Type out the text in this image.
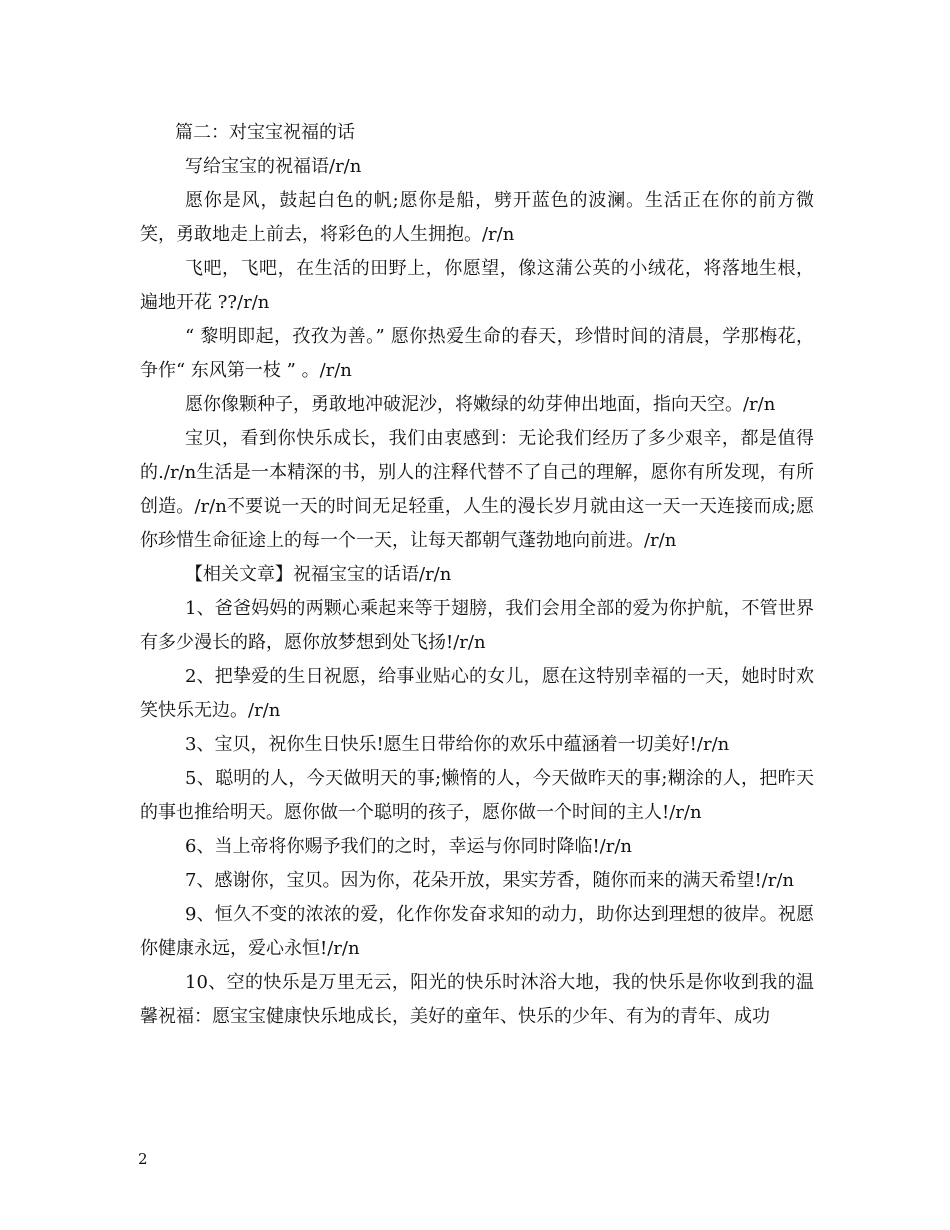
篇二：对宝宝祝福的话

写给宝宝的祝福语/r/n

愿你是风，鼓起白色的帆;愿你是船，劈开蓝色的波澜。生活正在你的前方微笑，勇敢地走上前去，将彩色的人生拥抱。/r/n

飞吧，飞吧，在生活的田野上，你愿望，像这蒲公英的小绒花，将落地生根，遍地开花 ??/r/n

“ 黎明即起，孜孜为善。” 愿你热爱生命的春天，珍惜时间的清晨，学那梅花，争作“ 东风第一枝 ” 。/r/n

愿你像颗种子，勇敢地冲破泥沙，将嫩绿的幼芽伸出地面，指向天空。/r/n

宝贝，看到你快乐成长，我们由衷感到：无论我们经历了多少艰辛，都是值得的./r/n生活是一本精深的书，别人的注释代替不了自己的理解，愿你有所发现，有所创造。/r/n不要说一天的时间无足轻重，人生的漫长岁月就由这一天一天连接而成;愿你珍惜生命征途上的每一个一天，让每天都朝气蓬勃地向前进。/r/n

【相关文章】祝福宝宝的话语/r/n

1、爸爸妈妈的两颗心乘起来等于翅膀，我们会用全部的爱为你护航，不管世界有多少漫长的路，愿你放梦想到处飞扬!/r/n

2、把挚爱的生日祝愿，给事业贴心的女儿，愿在这特别幸福的一天，她时时欢笑快乐无边。/r/n

3、宝贝，祝你生日快乐!愿生日带给你的欢乐中蕴涵着一切美好!/r/n

5、聪明的人，今天做明天的事;懒惰的人，今天做昨天的事;糊涂的人，把昨天的事也推给明天。愿你做一个聪明的孩子，愿你做一个时间的主人!/r/n

6、当上帝将你赐予我们的之时，幸运与你同时降临!/r/n

7、感谢你，宝贝。因为你，花朵开放，果实芳香，随你而来的满天希望!/r/n

9、恒久不变的浓浓的爱，化作你发奋求知的动力，助你达到理想的彼岸。祝愿你健康永远，爱心永恒!/r/n

10、空的快乐是万里无云，阳光的快乐时沐浴大地，我的快乐是你收到我的温馨祝福：愿宝宝健康快乐地成长，美好的童年、快乐的少年、有为的青年、成功

2
